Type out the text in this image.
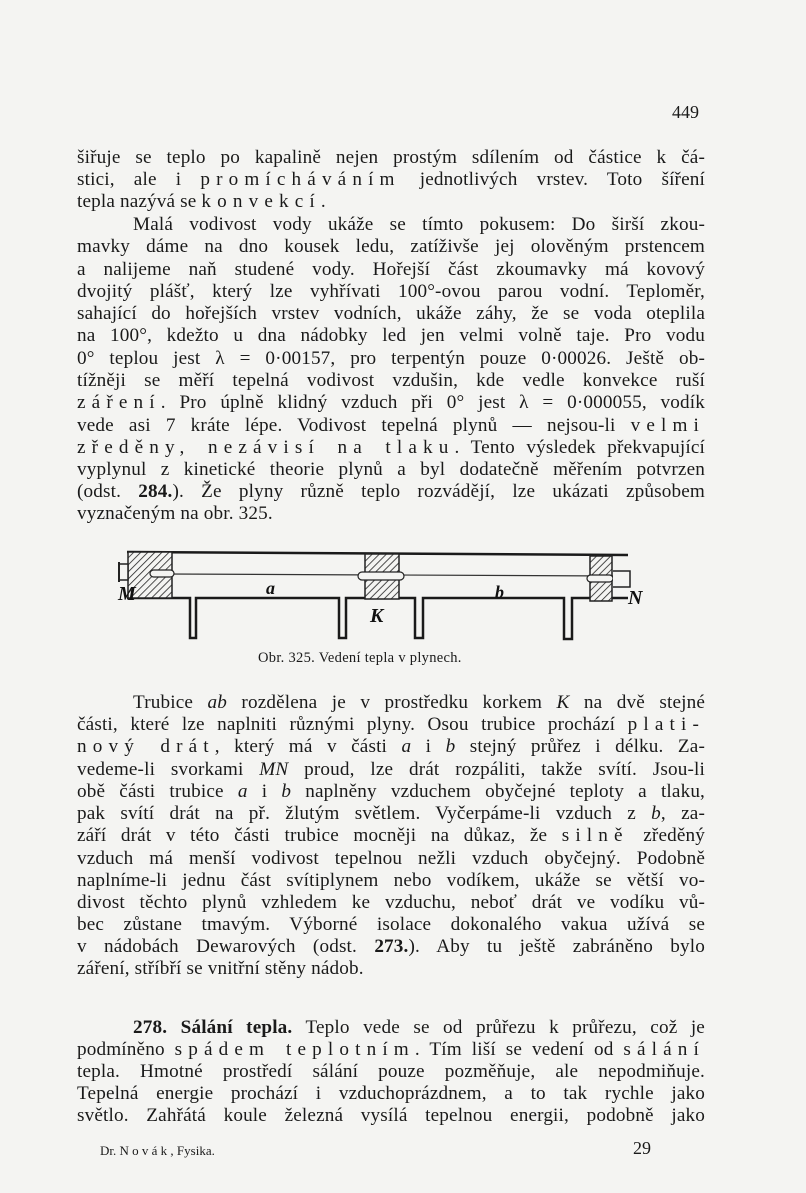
449
šiřuje se teplo po kapalině nejen prostým sdílením od částice k čá-
stici, ale i promícháváním jednotlivých vrstev. Toto šíření
tepla nazývá se konvekcí.
Malá vodivost vody ukáže se tímto pokusem: Do širší zkou-
mavky dáme na dno kousek ledu, zatíživše jej olověným prstencem
a nalijeme naň studené vody. Hořejší část zkoumavky má kovový
dvojitý plášť, který lze vyhřívati 100°-ovou parou vodní. Teploměr,
sahající do hořejších vrstev vodních, ukáže záhy, že se voda oteplila
na 100°, kdežto u dna nádobky led jen velmi volně taje. Pro vodu
0° teplou jest λ = 0·00157, pro terpentýn pouze 0·00026. Ještě ob-
tížněji se měří tepelná vodivost vzdušin, kde vedle konvekce ruší
záření. Pro úplně klidný vzduch při 0° jest λ = 0·000055, vodík
vede asi 7 kráte lépe. Vodivost tepelná plynů — nejsou-li velmi
zředěny, nezávisí na tlaku. Tento výsledek překvapující
vyplynul z kinetické theorie plynů a byl dodatečně měřením potvrzen
(odst. 284.). Že plyny různě teplo rozvádějí, lze ukázati způsobem
vyznačeným na obr. 325.
Trubice ab rozdělena je v prostředku korkem K na dvě stejné
části, které lze naplniti různými plyny. Osou trubice prochází plati-
nový drát, který má v části a i b stejný průřez i délku. Za-
vedeme-li svorkami MN proud, lze drát rozpáliti, takže svítí. Jsou-li
obě části trubice a i b naplněny vzduchem obyčejné teploty a tlaku,
pak svítí drát na př. žlutým světlem. Vyčerpáme-li vzduch z b, za-
září drát v této části trubice mocněji na důkaz, že silně zředěný
vzduch má menší vodivost tepelnou nežli vzduch obyčejný. Podobně
naplníme-li jednu část svítiplynem nebo vodíkem, ukáže se větší vo-
divost těchto plynů vzhledem ke vzduchu, neboť drát ve vodíku vů-
bec zůstane tmavým. Výborné isolace dokonalého vakua užívá se
v nádobách Dewarových (odst. 273.). Aby tu ještě zabráněno bylo
záření, stříbří se vnitřní stěny nádob.
278. Sálání tepla. Teplo vede se od průřezu k průřezu, což je
podmíněno spádem teplotním. Tím liší se vedení od sálání
tepla. Hmotné prostředí sálání pouze pozměňuje, ale nepodmiňuje.
Tepelná energie prochází i vzduchoprázdnem, a to tak rychle jako
světlo. Zahřátá koule železná vysílá tepelnou energii, podobně jako
M	a
K
b	N
Obr. 325. Vedení tepla v plynech.
Dr. Novák, Fysika.	29
